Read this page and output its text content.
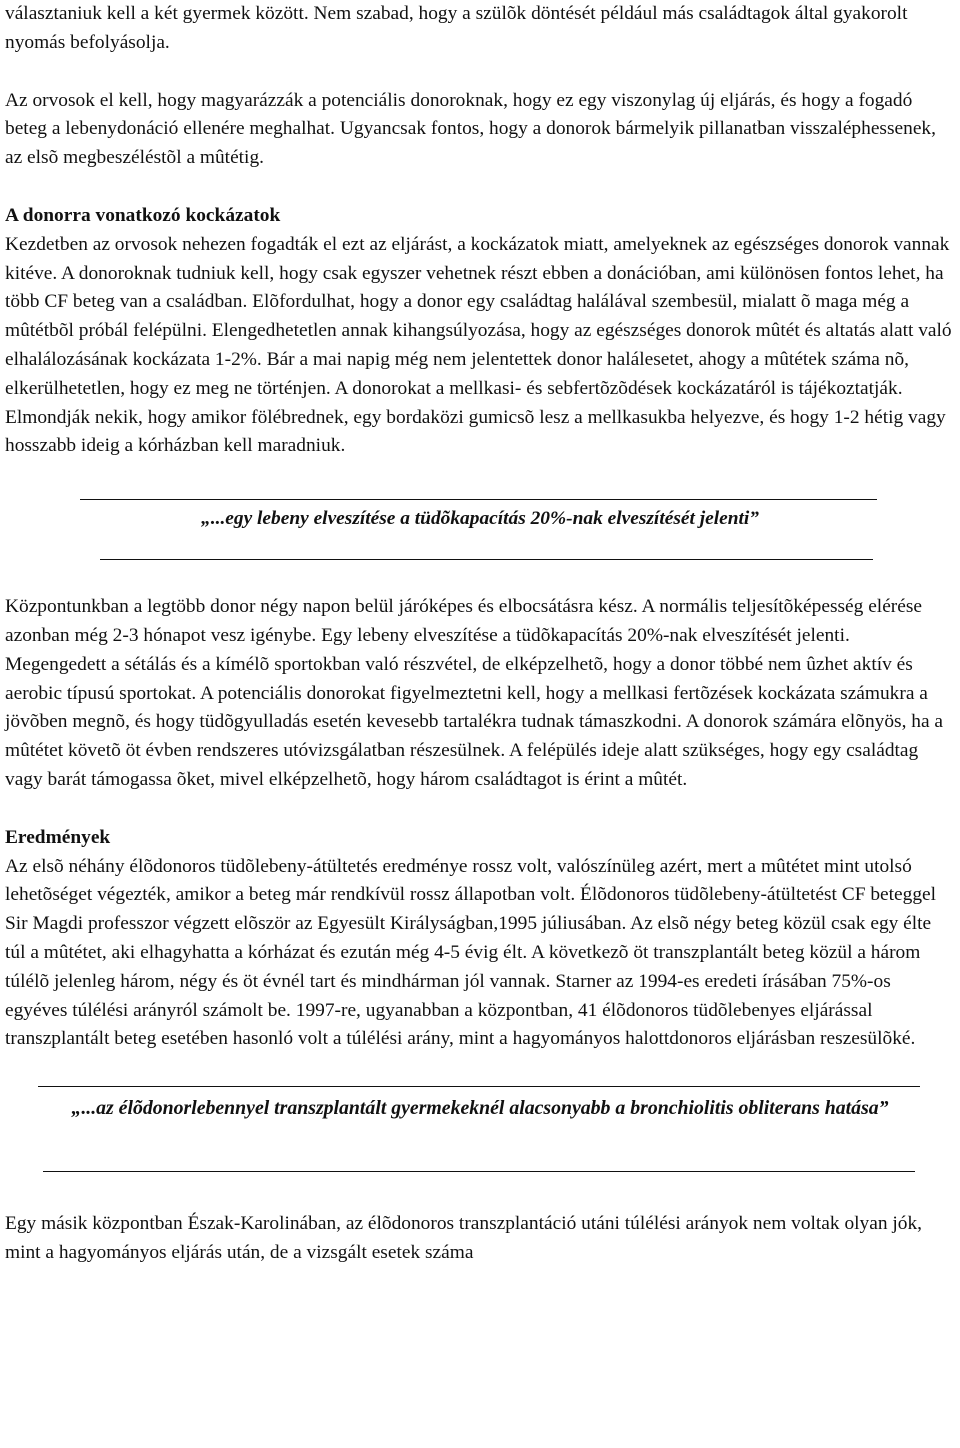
választaniuk kell a két gyermek között. Nem szabad, hogy a szülõk döntését például más családtagok által gyakorolt nyomás befolyásolja.

Az orvosok el kell, hogy magyarázzák a potenciális donoroknak, hogy ez egy viszonylag új eljárás, és hogy a fogadó beteg a lebenydonáció ellenére meghalhat. Ugyancsak fontos, hogy a donorok bármelyik pillanatban visszaléphessenek, az elsõ megbeszéléstõl a mûtétig.

A donorra vonatkozó kockázatok

Kezdetben az orvosok nehezen fogadták el ezt az eljárást, a kockázatok miatt, amelyeknek az egészséges donorok vannak kitéve. A donoroknak tudniuk kell, hogy csak egyszer vehetnek részt ebben a donációban, ami különösen fontos lehet, ha több CF beteg van a családban. Elõfordulhat, hogy a donor egy családtag halálával szembesül, mialatt õ maga még a mûtétbõl próbál felépülni. Elengedhetetlen annak kihangsúlyozása, hogy az egészséges donorok mûtét és altatás alatt való elhalálozásának kockázata 1-2%. Bár a mai napig még nem jelentettek donor halálesetet, ahogy a mûtétek száma nõ, elkerülhetetlen, hogy ez meg ne történjen. A donorokat a mellkasi- és sebfertõzõdések kockázatáról is tájékoztatják. Elmondják nekik, hogy amikor fölébrednek, egy bordaközi gumicsõ lesz a mellkasukba helyezve, és hogy 1-2 hétig vagy hosszabb ideig a kórházban kell maradniuk.

„...egy lebeny elveszítése a tüdõkapacítás 20%-nak elveszítését jelenti”

Központunkban a legtöbb donor négy napon belül járóképes és elbocsátásra kész. A normális teljesítõképesség elérése azonban még 2-3 hónapot vesz igénybe. Egy lebeny elveszítése a tüdõkapacítás 20%-nak elveszítését jelenti. Megengedett a sétálás és a kímélõ sportokban való részvétel, de elképzelhetõ, hogy a donor többé nem ûzhet aktív és aerobic típusú sportokat. A potenciális donorokat figyelmeztetni kell, hogy a mellkasi fertõzések kockázata számukra a jövõben megnõ, és hogy tüdõgyulladás esetén kevesebb tartalékra tudnak támaszkodni. A donorok számára elõnyös, ha a mûtétet követõ öt évben rendszeres utóvizsgálatban részesülnek. A felépülés ideje alatt szükséges, hogy egy családtag vagy barát támogassa õket, mivel elképzelhetõ, hogy három családtagot is érint a mûtét.

Eredmények

Az elsõ néhány élõdonoros tüdõlebeny-átültetés eredménye rossz volt, valószínüleg azért, mert a mûtétet mint utolsó lehetõséget végezték, amikor a beteg már rendkívül rossz állapotban volt. Élõdonoros tüdõlebeny-átültetést CF beteggel Sir Magdi professzor végzett elõször az Egyesült Királyságban,1995 júliusában. Az elsõ négy beteg közül csak egy élte túl a mûtétet, aki elhagyhatta a kórházat és ezután még 4-5 évig élt. A következõ öt transzplantált beteg közül a három túlélõ jelenleg három, négy és öt évnél tart és mindhárman jól vannak. Starner az 1994-es eredeti írásában 75%-os egyéves túlélési arányról számolt be. 1997-re, ugyanabban a központban, 41 élõdonoros tüdõlebenyes eljárással transzplantált beteg esetében hasonló volt a túlélési arány, mint a hagyományos halottdonoros eljárásban reszesülõké.

„...az élõdonorlebennyel transzplantált gyermekeknél alacsonyabb a bronchiolitis obliterans hatása”

Egy másik központban Észak-Karolinában, az élõdonoros transzplantáció utáni túlélési arányok nem voltak olyan jók, mint a hagyományos eljárás után, de a vizsgált esetek száma
